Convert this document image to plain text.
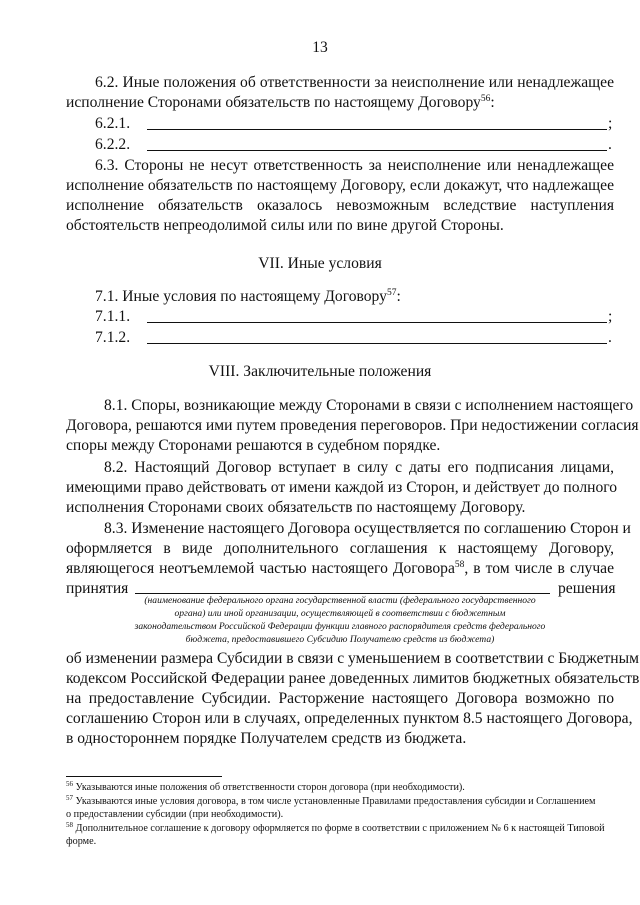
13
6.2. Иные положения об ответственности за неисполнение или ненадлежащее
исполнение Сторонами обязательств по настоящему Договору$^{56}$:
6.2.1.	;
6.2.2.	.
6.3. Стороны не несут ответственность за неисполнение или ненадлежащее
исполнение обязательств по настоящему Договору, если докажут, что надлежащее
исполнение обязательств оказалось невозможным вследствие наступления
обстоятельств непреодолимой силы или по вине другой Стороны.
VII. Иные условия
7.1. Иные условия по настоящему Договору$^{57}$:
7.1.1.	;
7.1.2.	.
VIII. Заключительные положения
8.1. Споры, возникающие между Сторонами в связи с исполнением настоящего
Договора, решаются ими путем проведения переговоров. При недостижении согласия
споры между Сторонами решаются в судебном порядке.
8.2. Настоящий Договор вступает в силу с даты его подписания лицами,
имеющими право действовать от имени каждой из Сторон, и действует до полного
исполнения Сторонами своих обязательств по настоящему Договору.
8.3. Изменение настоящего Договора осуществляется по соглашению Сторон и
оформляется в виде дополнительного соглашения к настоящему Договору,
являющегося неотъемлемой частью настоящего Договора$^{58}$, в том числе в случае
принятия	решения
(наименование федерального органа государственной власти (федерального государственного
органа) или иной организации, осуществляющей в соответствии с бюджетным
законодательством Российской Федерации функции главного распорядителя средств федерального
бюджета, предоставившего Субсидию Получателю средств из бюджета)
об изменении размера Субсидии в связи с уменьшением в соответствии с Бюджетным
кодексом Российской Федерации ранее доведенных лимитов бюджетных обязательств
на предоставление Субсидии. Расторжение настоящего Договора возможно по
соглашению Сторон или в случаях, определенных пунктом 8.5 настоящего Договора,
в одностороннем порядке Получателем средств из бюджета.
$^{56}$ Указываются иные положения об ответственности сторон договора (при необходимости).
$^{57}$ Указываются иные условия договора, в том числе установленные Правилами предоставления субсидии и Соглашением
о предоставлении субсидии (при необходимости).
$^{58}$ Дополнительное соглашение к договору оформляется по форме в соответствии с приложением № 6 к настоящей Типовой
форме.
